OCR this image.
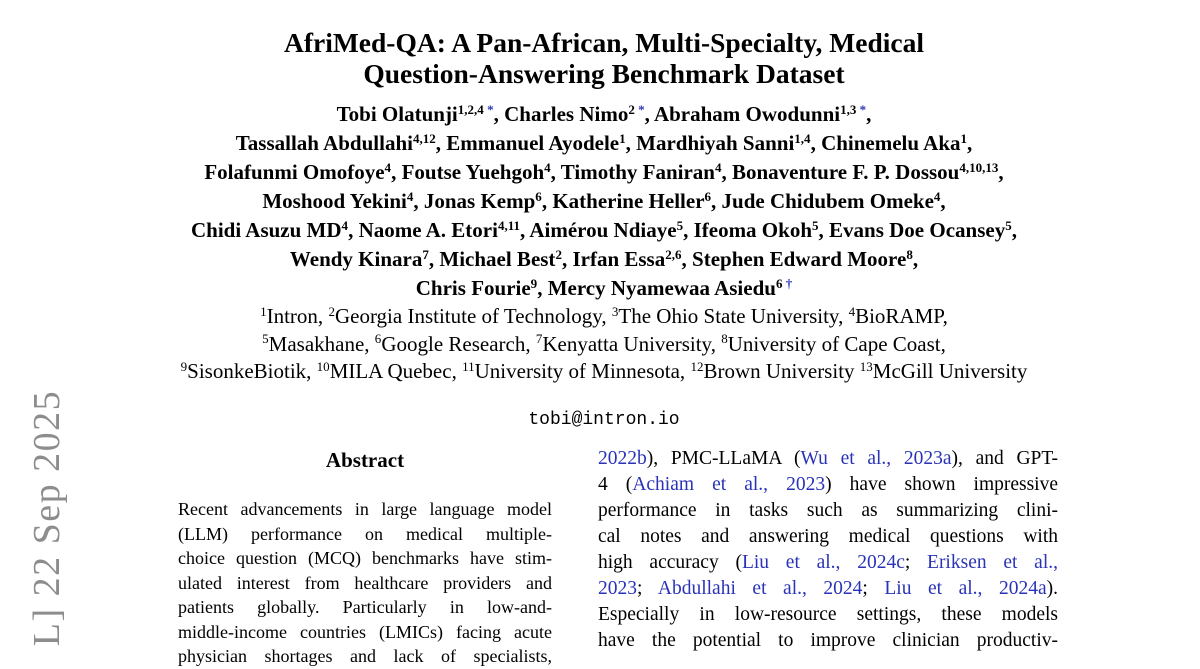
L] 22 Sep 2025
AfriMed-QA: A Pan-African, Multi-Specialty, Medical
Question-Answering Benchmark Dataset
Tobi Olatunji$^{1,2,4}$ *, Charles Nimo$^2$ *, Abraham Owodunni$^{1,3}$ *,
Tassallah Abdullahi$^{4,12}$, Emmanuel Ayodele$^1$, Mardhiyah Sanni$^{1,4}$, Chinemelu Aka$^1$,
Folafunmi Omofoye$^4$, Foutse Yuehgoh$^4$, Timothy Faniran$^4$, Bonaventure F. P. Dossou$^{4,10,13}$,
Moshood Yekini$^4$, Jonas Kemp$^6$, Katherine Heller$^6$, Jude Chidubem Omeke$^4$,
Chidi Asuzu $MD^4$, Naome A. Etori$^{4,11}$, Aimérou Ndiaye$^5$, Ifeoma Okoh$^5$, Evans Doe Ocansey$^5$,
Wendy Kinara$^7$, Michael Best$^2$, Irfan Essa$^{2,6}$, Stephen Edward Moore$^8$,
Chris Fourie$^9$, Mercy Nyamewaa Asiedu$^6$ †
$^1$Intron, $^2$Georgia Institute of Technology, $^3$The Ohio State University, $^4$BioRAMP,
$^5$Masakhane, $^6$Google Research, $^7$Kenyatta University, $^8$University of Cape Coast,
$^9$SisonkeBiotik, $^{10}$MILA Quebec, $^{11}$University of Minnesota, $^{12}$Brown University $^{13}$McGill University
tobi@intron.io
Abstract
Recent advancements in large language model
(LLM) performance on medical multiple-
choice question (MCQ) benchmarks have stim-
ulated interest from healthcare providers and
patients globally. Particularly in low-and-
middle-income countries (LMICs) facing acute
physician shortages and lack of specialists,
2022b), PMC-LLaMA (Wu et al., 2023a), and GPT-
4 (Achiam et al., 2023) have shown impressive
performance in tasks such as summarizing clini-
cal notes and answering medical questions with
high accuracy (Liu et al., 2024c; Eriksen et al.,
2023; Abdullahi et al., 2024; Liu et al., 2024a).
Especially in low-resource settings, these models
have the potential to improve clinician productiv-
